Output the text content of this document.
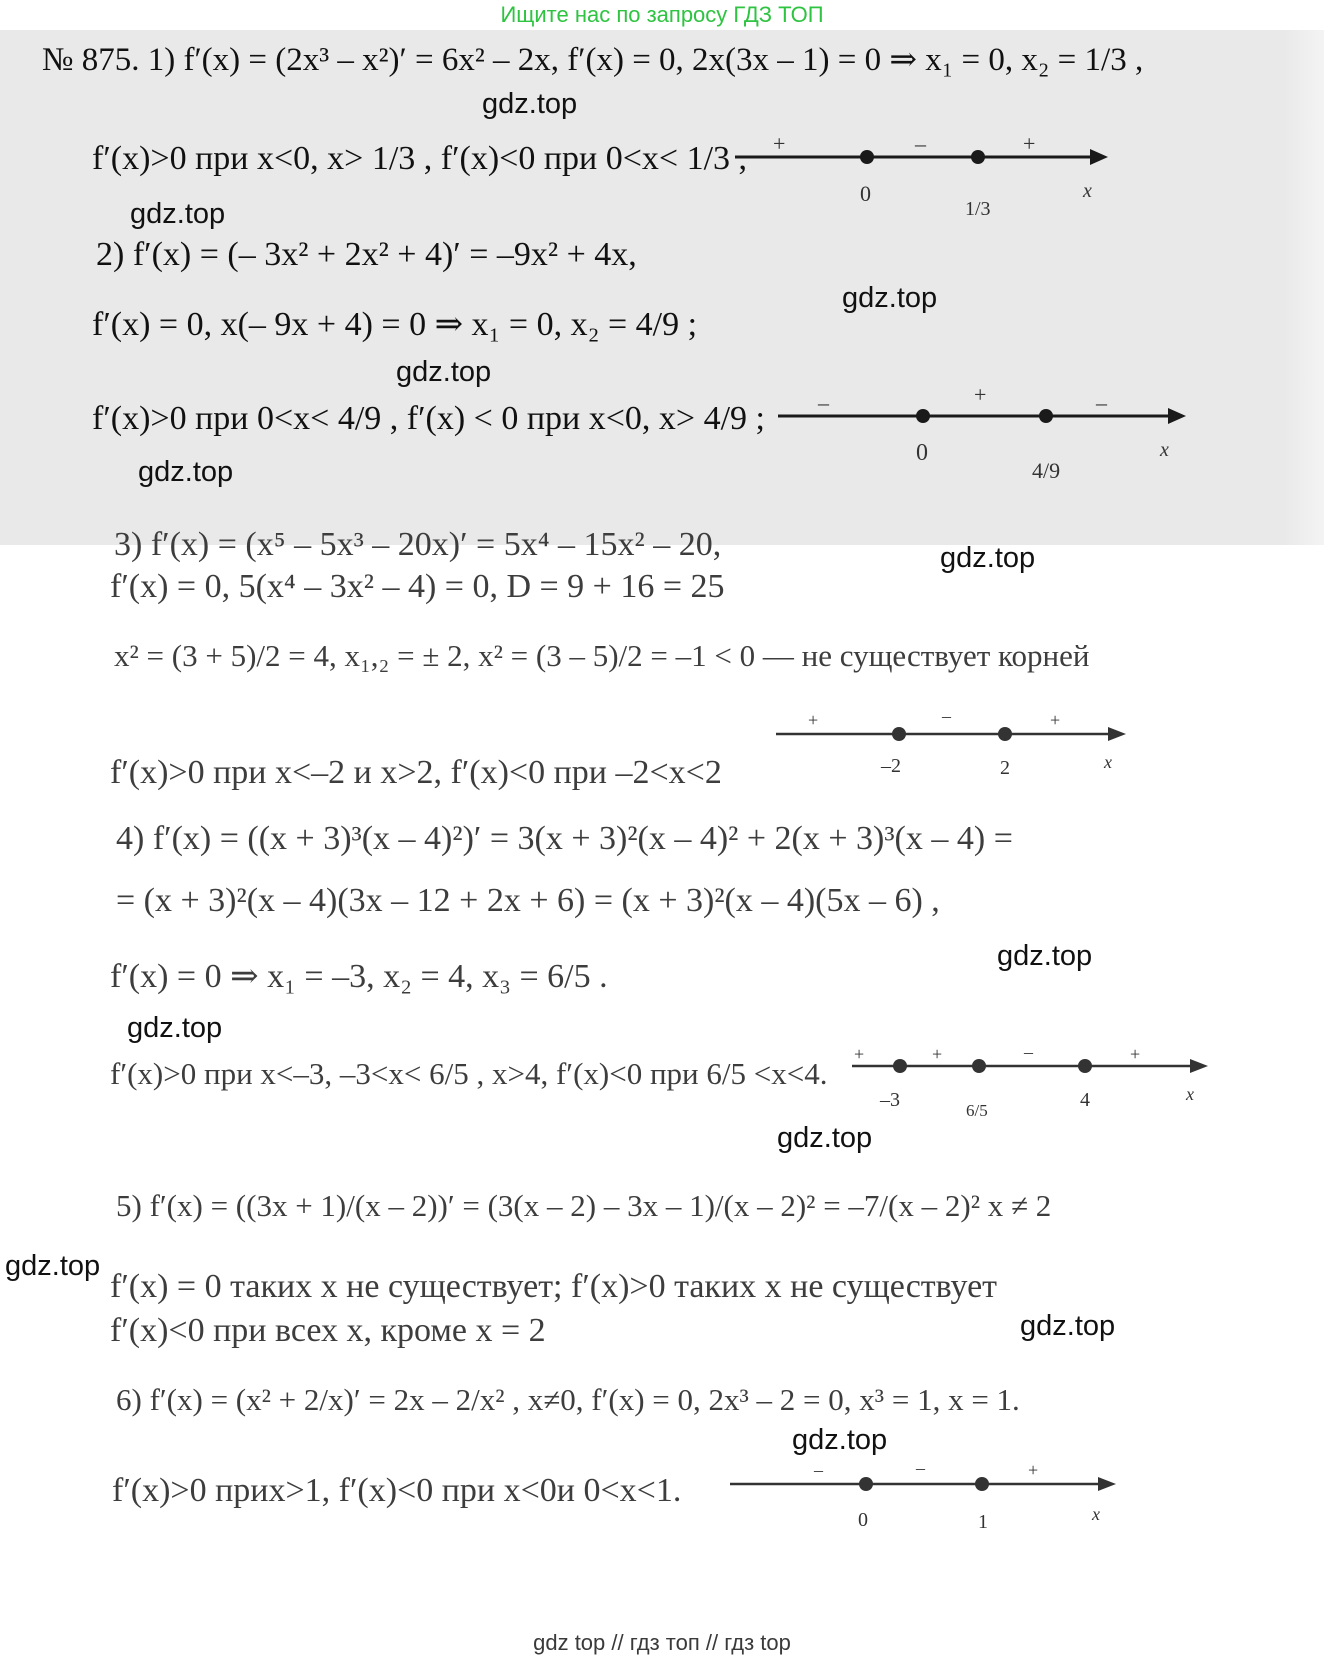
Ищите нас по запросу ГДЗ ТОП
№ 875. 1) f′(x) = (2x³ – x²)′ = 6x² – 2x, f′(x) = 0, 2x(3x – 1) = 0 ⇒ x₁ = 0, x₂ = 1/3 ,
f′(x)>0 при x<0, x> 1/3 , f′(x)<0 при 0<x< 1/3 ,
2) f′(x) = (– 3x² + 2x² + 4)′ = –9x² + 4x,
f′(x) = 0, x(– 9x + 4) = 0 ⇒ x₁ = 0, x₂ = 4/9 ;
f′(x)>0 при 0<x< 4/9 , f′(x) < 0 при x<0, x> 4/9 ;
3) f′(x) = (x⁵ – 5x³ – 20x)′ = 5x⁴ – 15x² – 20,
f′(x) = 0, 5(x⁴ – 3x² – 4) = 0, D = 9 + 16 = 25
x² = (3 + 5)/2 = 4, x₁,₂ = ± 2, x² = (3 – 5)/2 = –1 < 0 — не существует корней
f′(x)>0 при x<–2 и x>2, f′(x)<0 при –2<x<2
4) f′(x) = ((x + 3)³(x – 4)²)′ = 3(x + 3)²(x – 4)² + 2(x + 3)³(x – 4) =
= (x + 3)²(x – 4)(3x – 12 + 2x + 6) = (x + 3)²(x – 4)(5x – 6) ,
f′(x) = 0 ⇒ x₁ = –3, x₂ = 4, x₃ = 6/5 .
f′(x)>0 при x<–3, –3<x< 6/5 , x>4, f′(x)<0 при 6/5 <x<4.
5) f′(x) = ((3x + 1)/(x – 2))′ = (3(x – 2) – 3x – 1)/(x – 2)² = –7/(x – 2)² x ≠ 2
f′(x) = 0 таких х не существует; f′(x)>0 таких х не существует
f′(x)<0 при всех х, кроме х = 2
6) f′(x) = (x² + 2/x)′ = 2x – 2/x² , x≠0, f′(x) = 0, 2x³ – 2 = 0, x³ = 1, x = 1.
f′(x)>0 приx>1, f′(x)<0 при x<0и 0<x<1.
+	–	+
0
1/3
x
–	+	–
0
4/9
x
+	–	+
–2	2	x
+	+	–	+
–3	6/5	4	x
–	–	+
0	1	x
gdz.top
gdz.top
gdz.top
gdz.top
gdz.top
gdz.top
gdz.top
gdz.top
gdz.top
gdz.top
gdz.top
gdz.top
gdz top // гдз топ // гдз top
